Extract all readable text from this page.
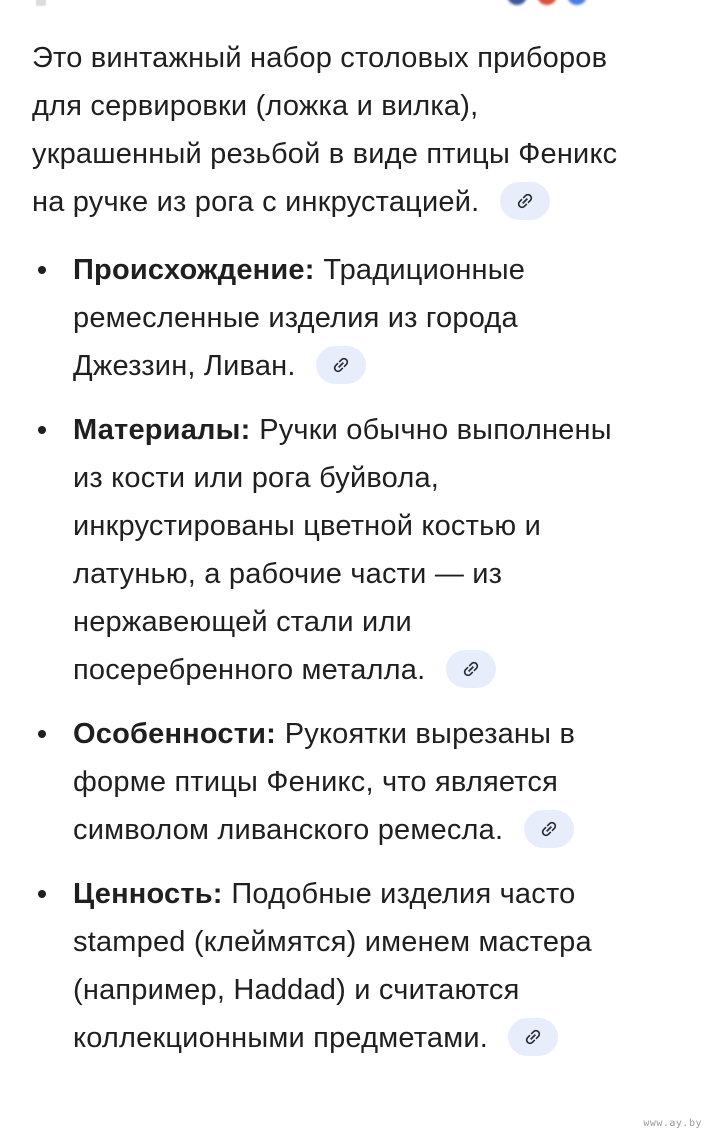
Это винтажный набор столовых приборов
для сервировки (ложка и вилка),
украшенный резьбой в виде птицы Феникс
на ручке из рога с инкрустацией.
Происхождение: Традиционные
ремесленные изделия из города
Джеззин, Ливан.
Материалы: Ручки обычно выполнены
из кости или рога буйвола,
инкрустированы цветной костью и
латунью, а рабочие части — из
нержавеющей стали или
посеребренного металла.
Особенности: Рукоятки вырезаны в
форме птицы Феникс, что является
символом ливанского ремесла.
Ценность: Подобные изделия часто
stamped (клеймятся) именем мастера
(например, Haddad) и считаются
коллекционными предметами.
www.ay.by
